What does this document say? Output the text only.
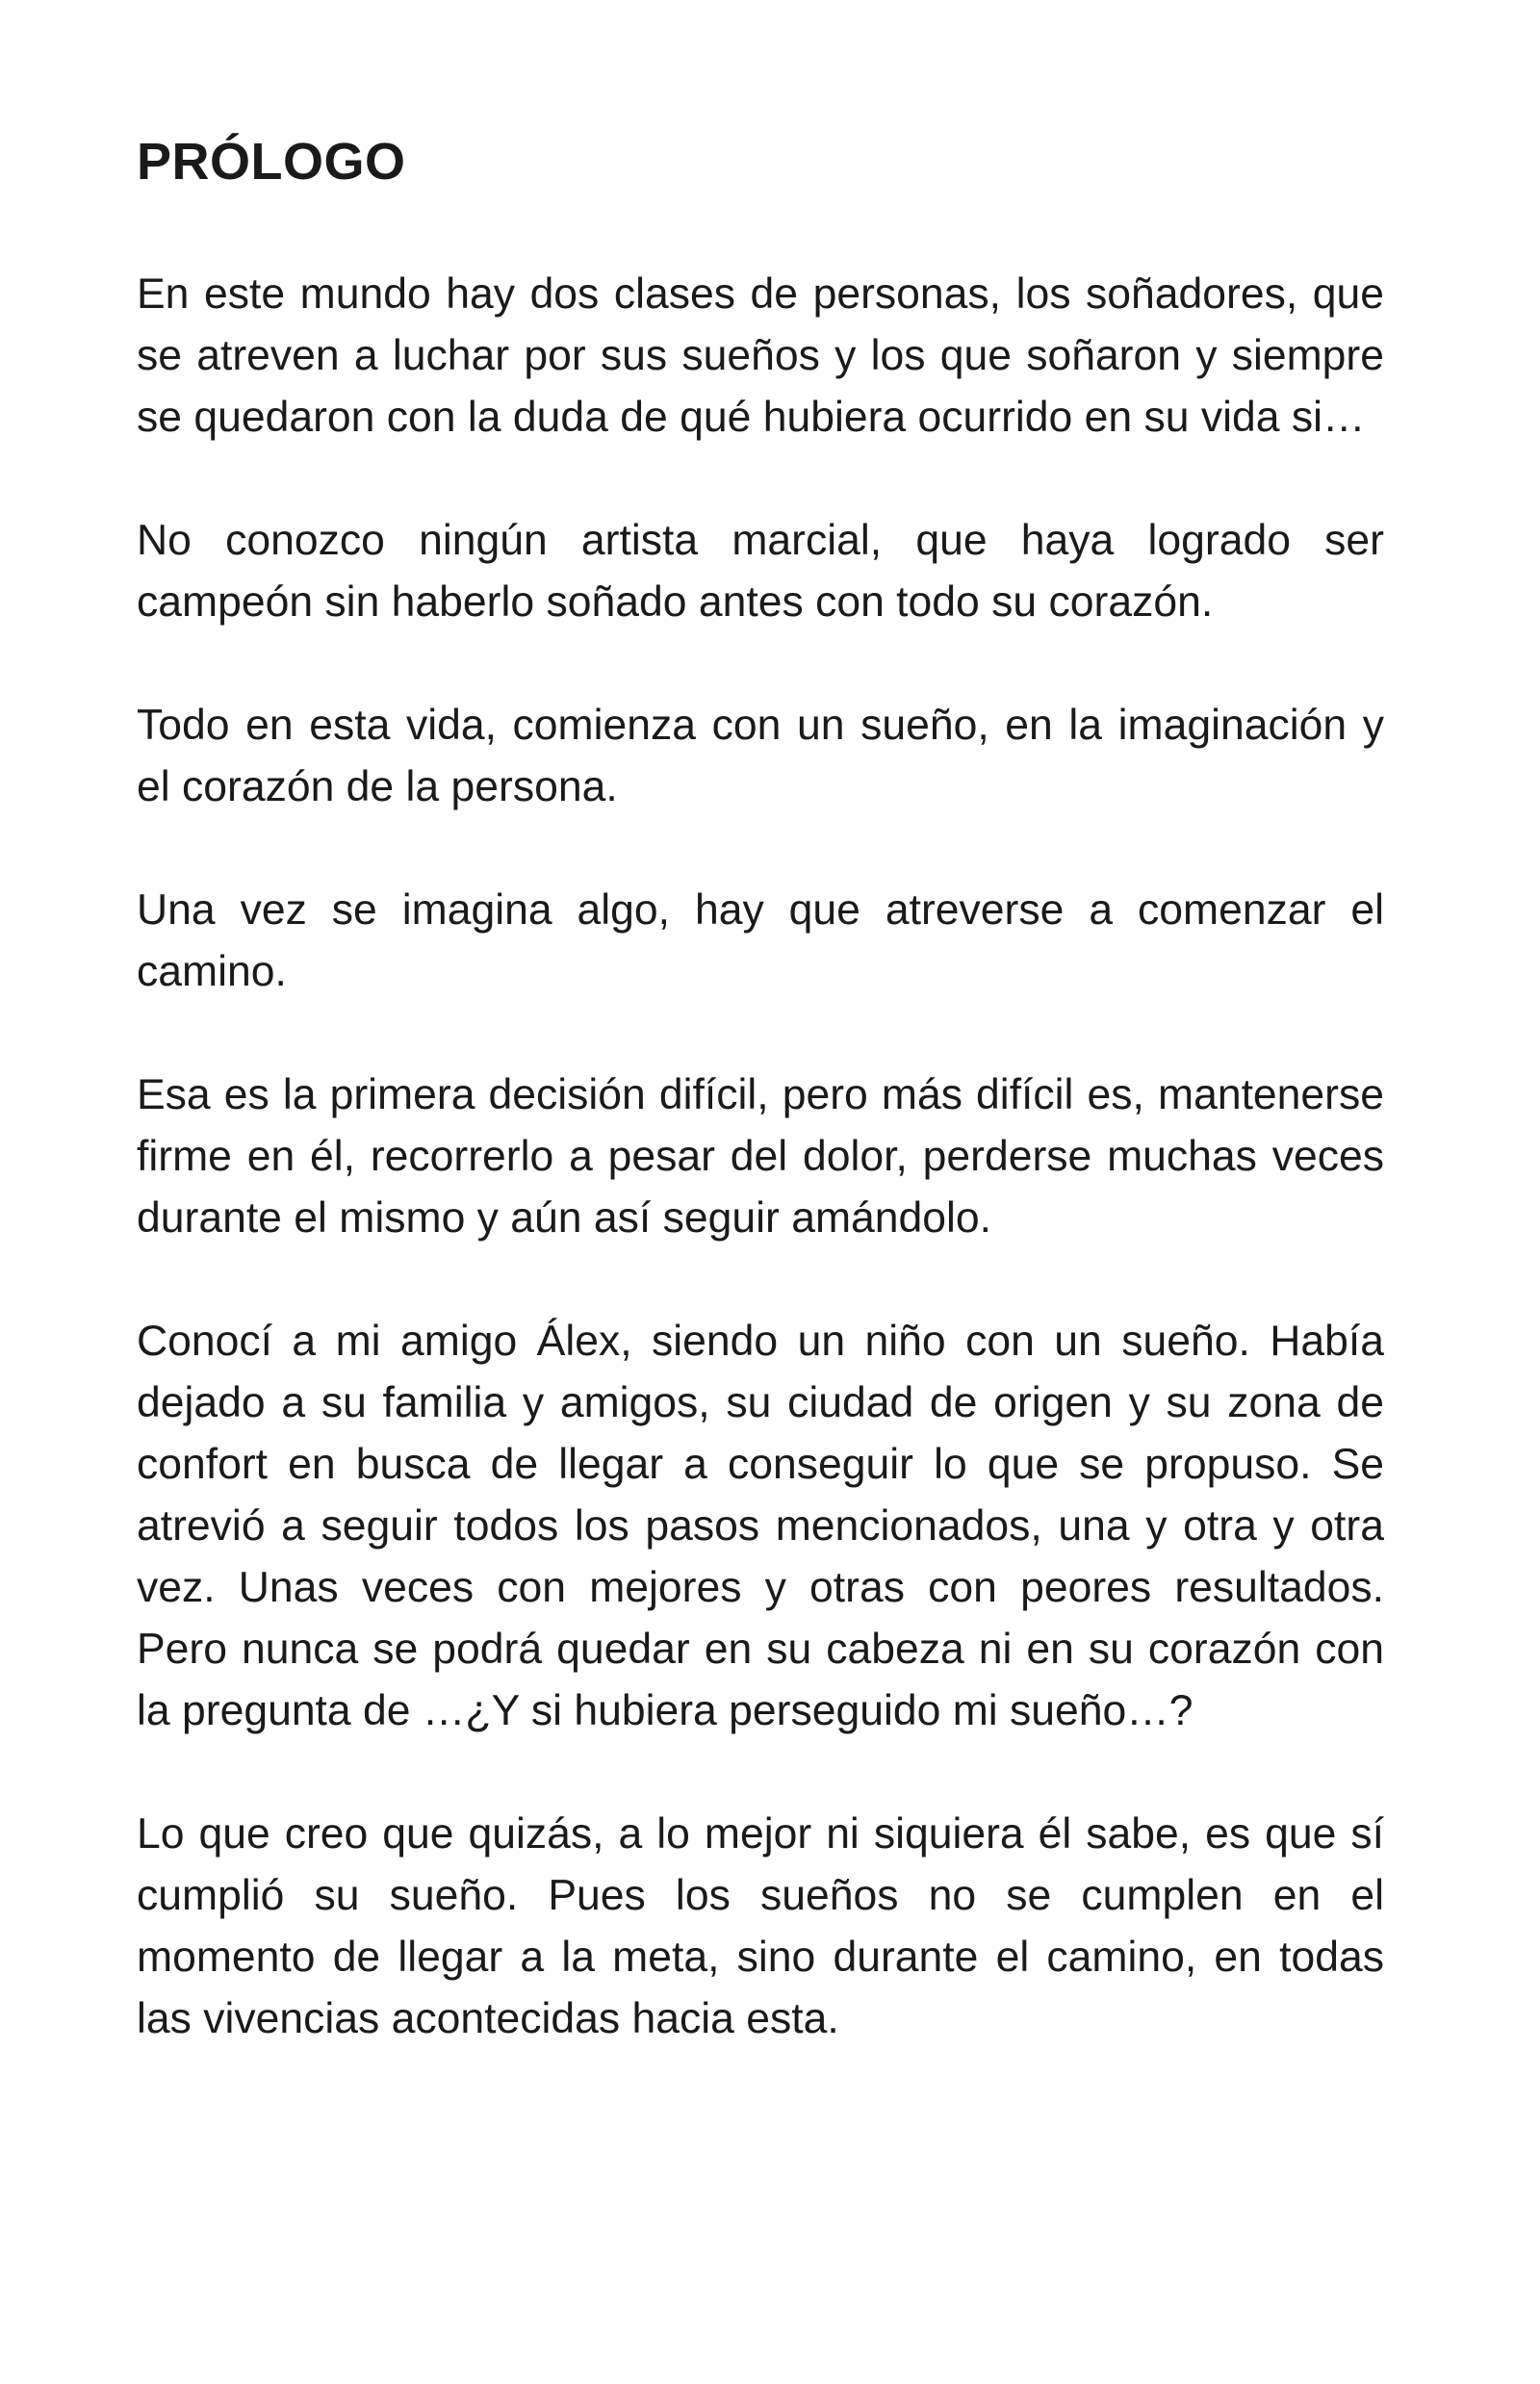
PRÓLOGO

En este mundo hay dos clases de personas, los soñadores, que se atreven a luchar por sus sueños y los que soñaron y siempre se quedaron con la duda de qué hubiera ocurrido en su vida si…

No conozco ningún artista marcial, que haya logrado ser campeón sin haberlo soñado antes con todo su corazón.

Todo en esta vida, comienza con un sueño, en la imaginación y el corazón de la persona.

Una vez se imagina algo, hay que atreverse a comenzar el camino.

Esa es la primera decisión difícil, pero más difícil es, mantenerse firme en él, recorrerlo a pesar del dolor, perderse muchas veces durante el mismo y aún así seguir amándolo.

Conocí a mi amigo Álex, siendo un niño con un sueño. Había dejado a su familia y amigos, su ciudad de origen y su zona de confort en busca de llegar a conseguir lo que se propuso. Se atrevió a seguir todos los pasos mencionados, una y otra y otra vez. Unas veces con mejores y otras con peores resultados. Pero nunca se podrá quedar en su cabeza ni en su corazón con la pregunta de …¿Y si hubiera perseguido mi sueño…?

Lo que creo que quizás, a lo mejor ni siquiera él sabe, es que sí cumplió su sueño. Pues los sueños no se cumplen en el momento de llegar a la meta, sino durante el camino, en todas las vivencias acontecidas hacia esta.
